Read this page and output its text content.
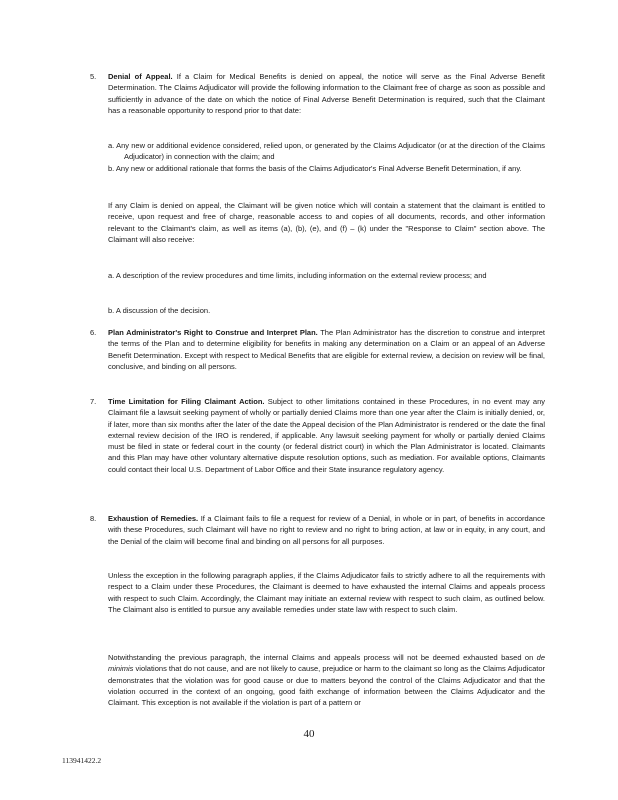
5.	Denial of Appeal. If a Claim for Medical Benefits is denied on appeal, the notice will serve as the Final Adverse Benefit Determination. The Claims Adjudicator will provide the following information to the Claimant free of charge as soon as possible and sufficiently in advance of the date on which the notice of Final Adverse Benefit Determination is required, such that the Claimant has a reasonable opportunity to respond prior to that date:

a. Any new or additional evidence considered, relied upon, or generated by the Claims Adjudicator (or at the direction of the Claims Adjudicator) in connection with the claim; and

b. Any new or additional rationale that forms the basis of the Claims Adjudicator's Final Adverse Benefit Determination, if any.

If any Claim is denied on appeal, the Claimant will be given notice which will contain a statement that the claimant is entitled to receive, upon request and free of charge, reasonable access to and copies of all documents, records, and other information relevant to the Claimant's claim, as well as items (a), (b), (e), and (f) – (k) under the "Response to Claim" section above. The Claimant will also receive:

a. A description of the review procedures and time limits, including information on the external review process; and

b. A discussion of the decision.

6.	Plan Administrator's Right to Construe and Interpret Plan. The Plan Administrator has the discretion to construe and interpret the terms of the Plan and to determine eligibility for benefits in making any determination on a Claim or an appeal of an Adverse Benefit Determination. Except with respect to Medical Benefits that are eligible for external review, a decision on review will be final, conclusive, and binding on all persons.

7.	Time Limitation for Filing Claimant Action. Subject to other limitations contained in these Procedures, in no event may any Claimant file a lawsuit seeking payment of wholly or partially denied Claims more than one year after the Claim is initially denied, or, if later, more than six months after the later of the date the Appeal decision of the Plan Administrator is rendered or the date the final external review decision of the IRO is rendered, if applicable. Any lawsuit seeking payment for wholly or partially denied Claims must be filed in state or federal court in the county (or federal district court) in which the Plan Administrator is located. Claimants and this Plan may have other voluntary alternative dispute resolution options, such as mediation. For available options, Claimants could contact their local U.S. Department of Labor Office and their State insurance regulatory agency.

8.	Exhaustion of Remedies. If a Claimant fails to file a request for review of a Denial, in whole or in part, of benefits in accordance with these Procedures, such Claimant will have no right to review and no right to bring action, at law or in equity, in any court, and the Denial of the claim will become final and binding on all persons for all purposes.

Unless the exception in the following paragraph applies, if the Claims Adjudicator fails to strictly adhere to all the requirements with respect to a Claim under these Procedures, the Claimant is deemed to have exhausted the internal Claims and appeals process with respect to such Claim. Accordingly, the Claimant may initiate an external review with respect to such claim, as outlined below. The Claimant also is entitled to pursue any available remedies under state law with respect to such claim.

Notwithstanding the previous paragraph, the internal Claims and appeals process will not be deemed exhausted based on de minimis violations that do not cause, and are not likely to cause, prejudice or harm to the claimant so long as the Claims Adjudicator demonstrates that the violation was for good cause or due to matters beyond the control of the Claims Adjudicator and that the violation occurred in the context of an ongoing, good faith exchange of information between the Claims Adjudicator and the Claimant. This exception is not available if the violation is part of a pattern or

40
113941422.2
